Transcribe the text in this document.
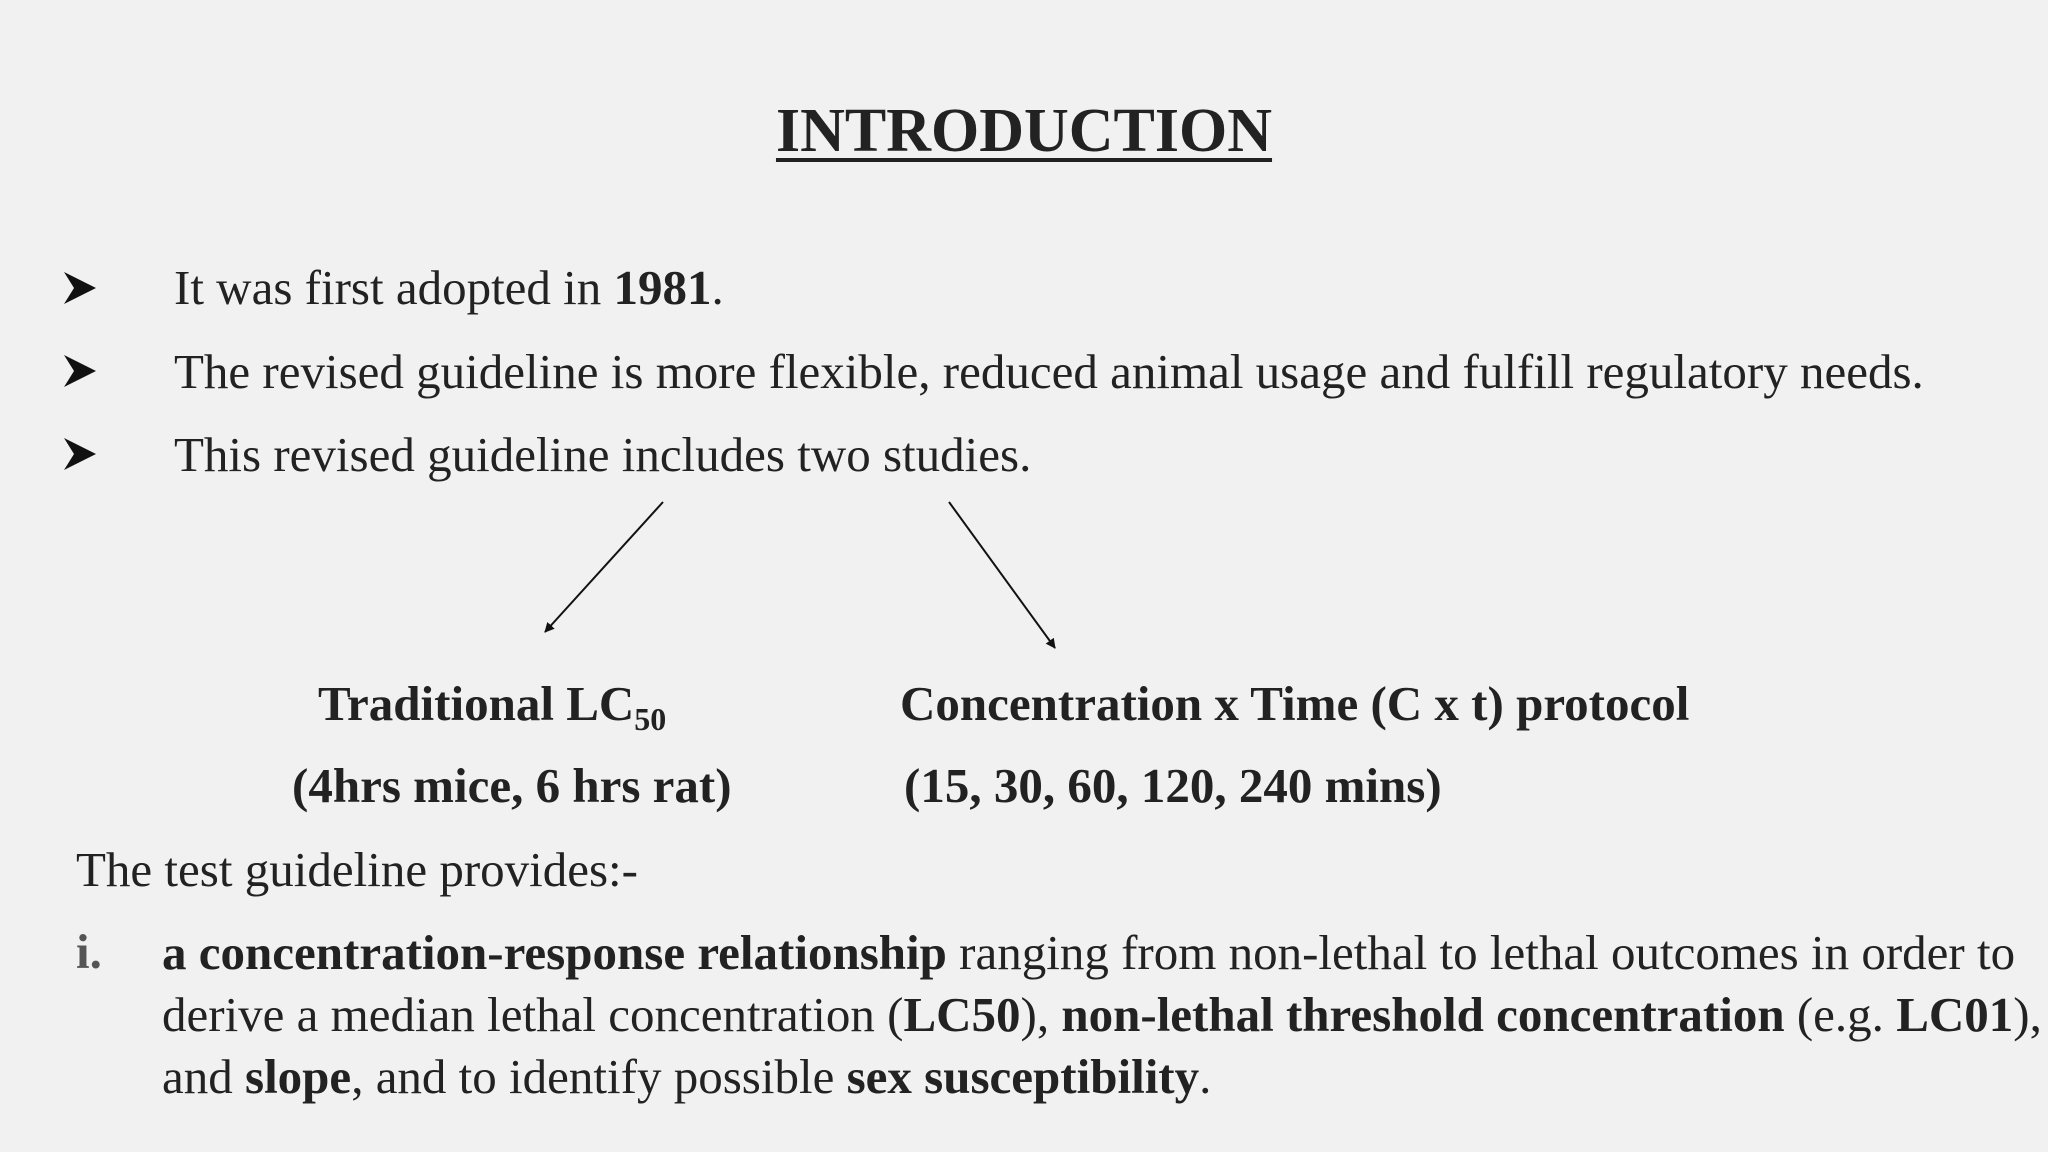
INTRODUCTION
It was first adopted in 1981.
The revised guideline is more flexible, reduced animal usage and fulfill regulatory needs.
This revised guideline includes two studies.
Traditional $LC_{50}$
(4hrs mice, 6 hrs rat)
Concentration x Time (C x t) protocol
(15, 30, 60, 120, 240 mins)
The test guideline provides:-
i. a concentration-response relationship ranging from non-lethal to lethal outcomes in order to derive a median lethal concentration (LC50), non-lethal threshold concentration (e.g. LC01), and slope, and to identify possible sex susceptibility.
